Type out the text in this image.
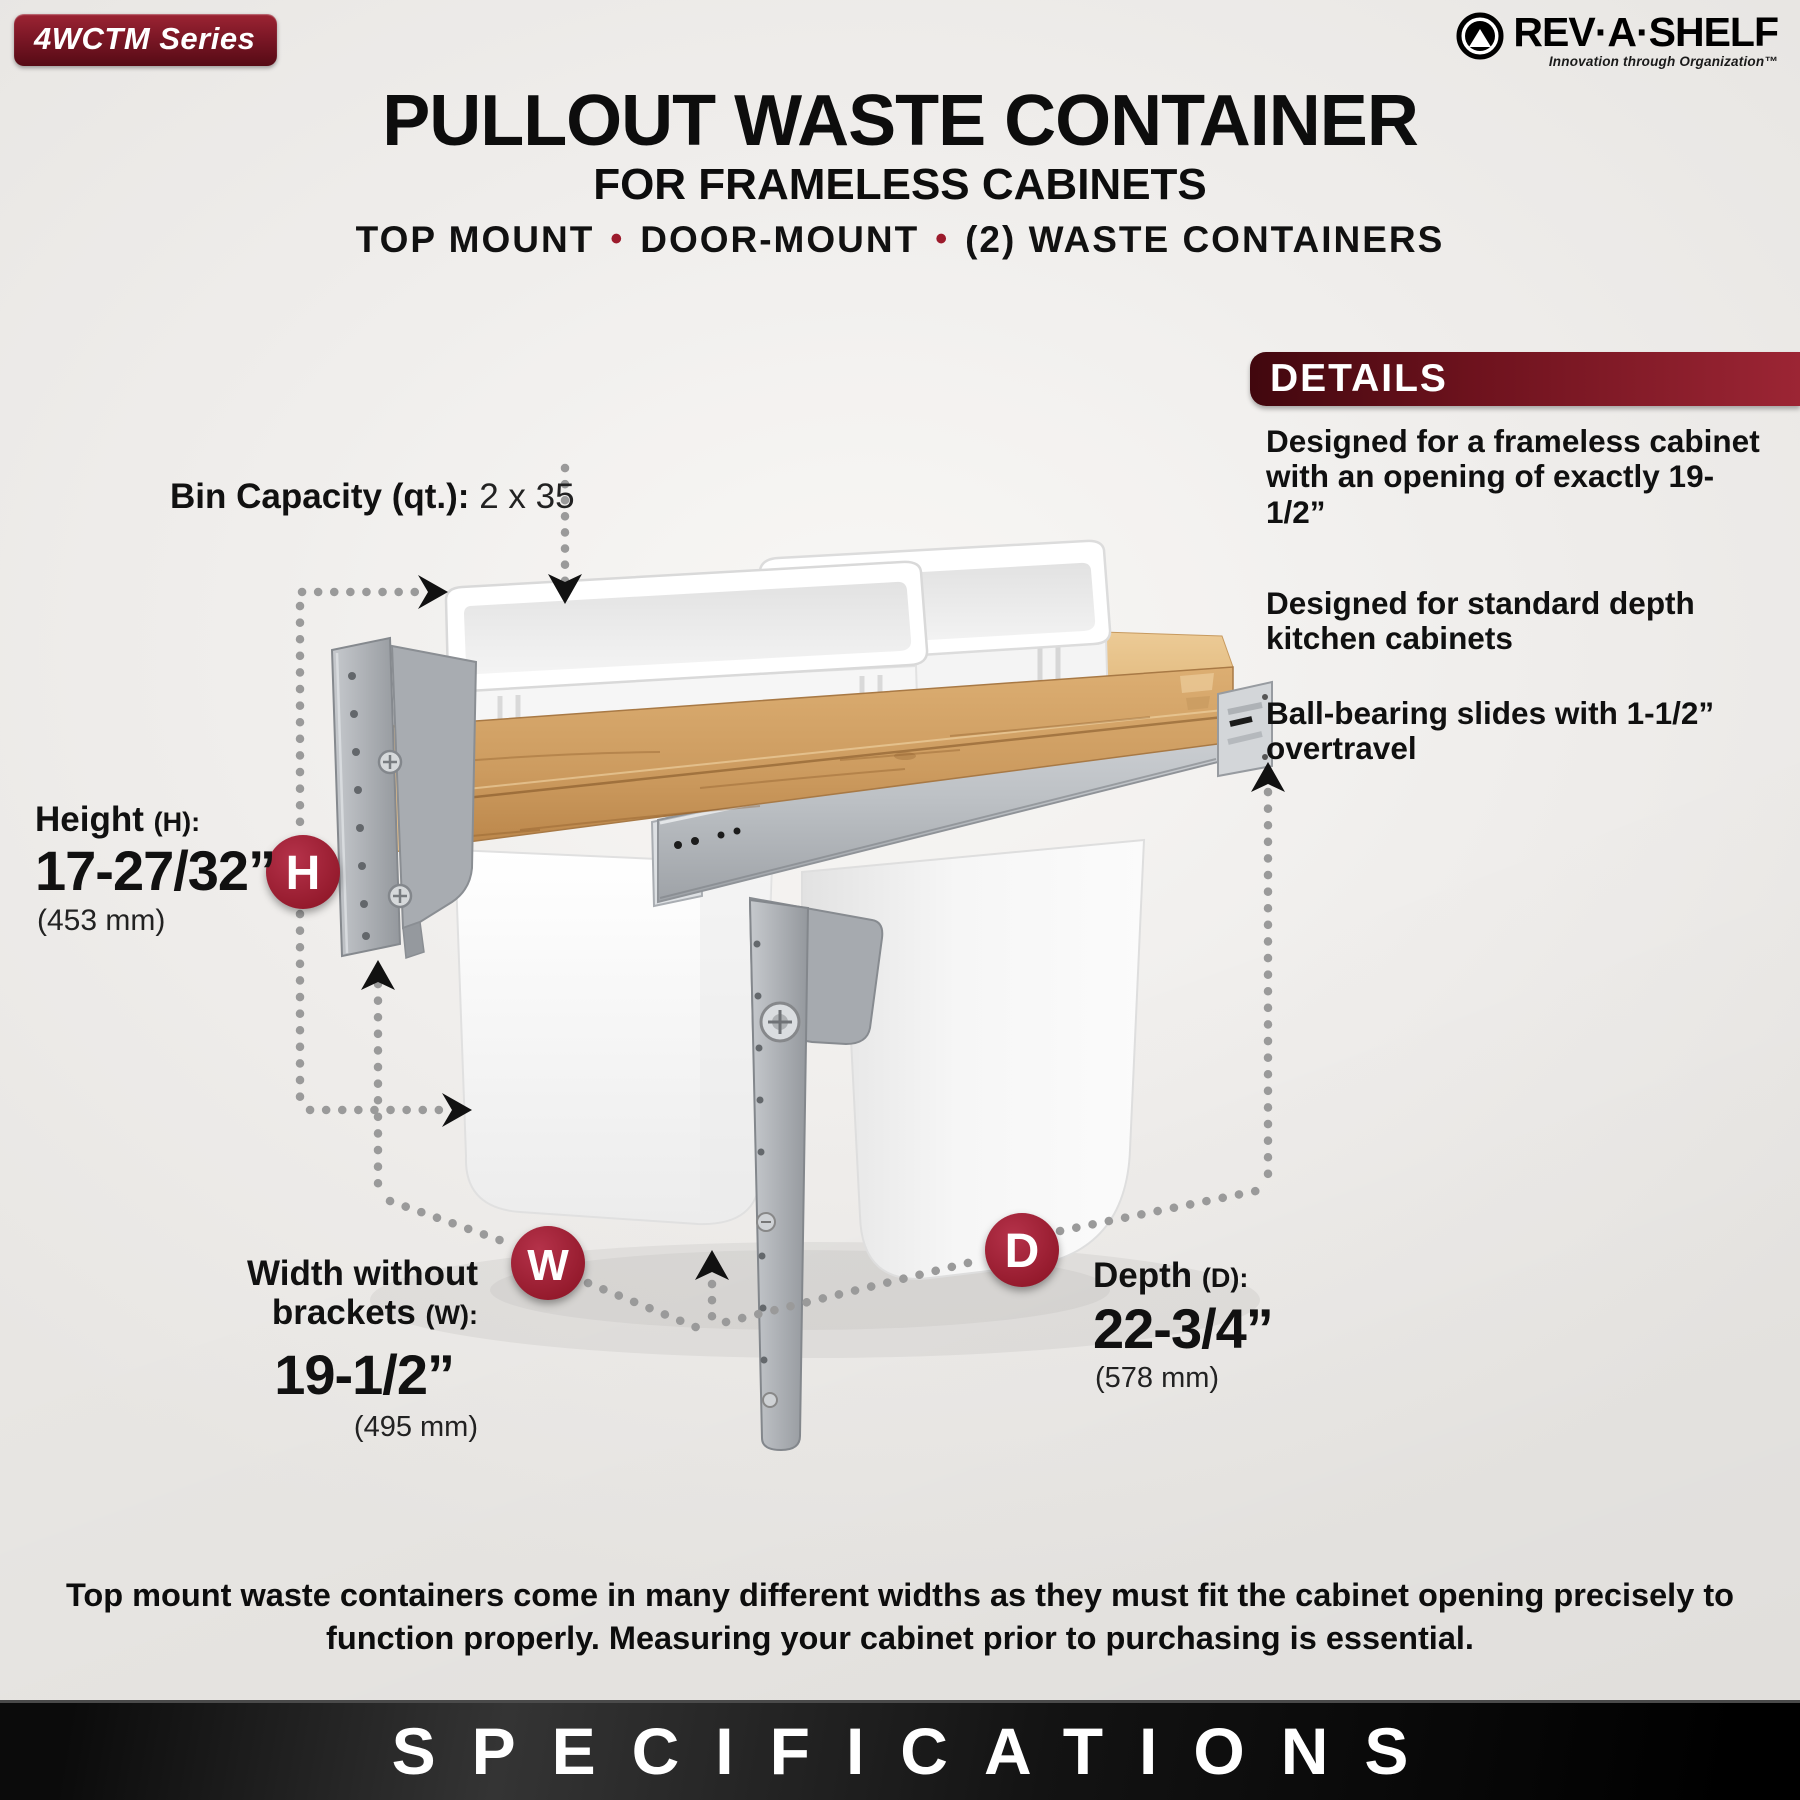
H
W	D
4WCTM Series	REV·A·SHELF
Innovation through Organization™
PULLOUT WASTE CONTAINER
FOR FRAMELESS CABINETS
TOP MOUNT • DOOR-MOUNT • (2) WASTE CONTAINERS
DETAILS
Designed for a frameless cabinet with an opening of exactly 19-1/2”
Designed for standard depth kitchen cabinets
Ball-bearing slides with 1-1/2” overtravel
Bin Capacity (qt.): 2 x 35
Height (H):
17-27/32”
(453 mm)
Width without
brackets (W):
19-1/2”
(495 mm)
Depth (D):
22-3/4”
(578 mm)
Top mount waste containers come in many different widths as they must fit the cabinet opening precisely to
function properly. Measuring your cabinet prior to purchasing is essential.
SPECIFICATIONS
